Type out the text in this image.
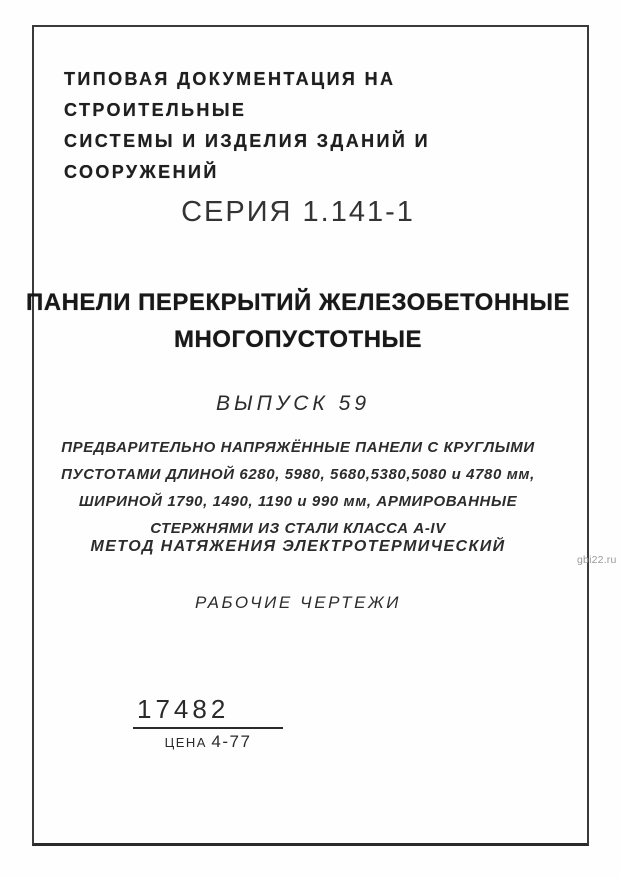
ТИПОВАЯ ДОКУМЕНТАЦИЯ НА СТРОИТЕЛЬНЫЕ
СИСТЕМЫ И ИЗДЕЛИЯ ЗДАНИЙ И СООРУЖЕНИЙ
СЕРИЯ 1.141-1
ПАНЕЛИ ПЕРЕКРЫТИЙ ЖЕЛЕЗОБЕТОННЫЕ
МНОГОПУСТОТНЫЕ
ВЫПУСК 59
ПРЕДВАРИТЕЛЬНО НАПРЯЖЁННЫЕ ПАНЕЛИ С КРУГЛЫМИ
ПУСТОТАМИ ДЛИНОЙ 6280, 5980, 5680,5380,5080 и 4780 мм,
ШИРИНОЙ 1790, 1490, 1190 и 990 мм, АРМИРОВАННЫЕ
СТЕРЖНЯМИ ИЗ СТАЛИ КЛАССА А-IV
МЕТОД НАТЯЖЕНИЯ ЭЛЕКТРОТЕРМИЧЕСКИЙ
РАБОЧИЕ ЧЕРТЕЖИ
17482
ЦЕНА 4-77
gbi22.ru
